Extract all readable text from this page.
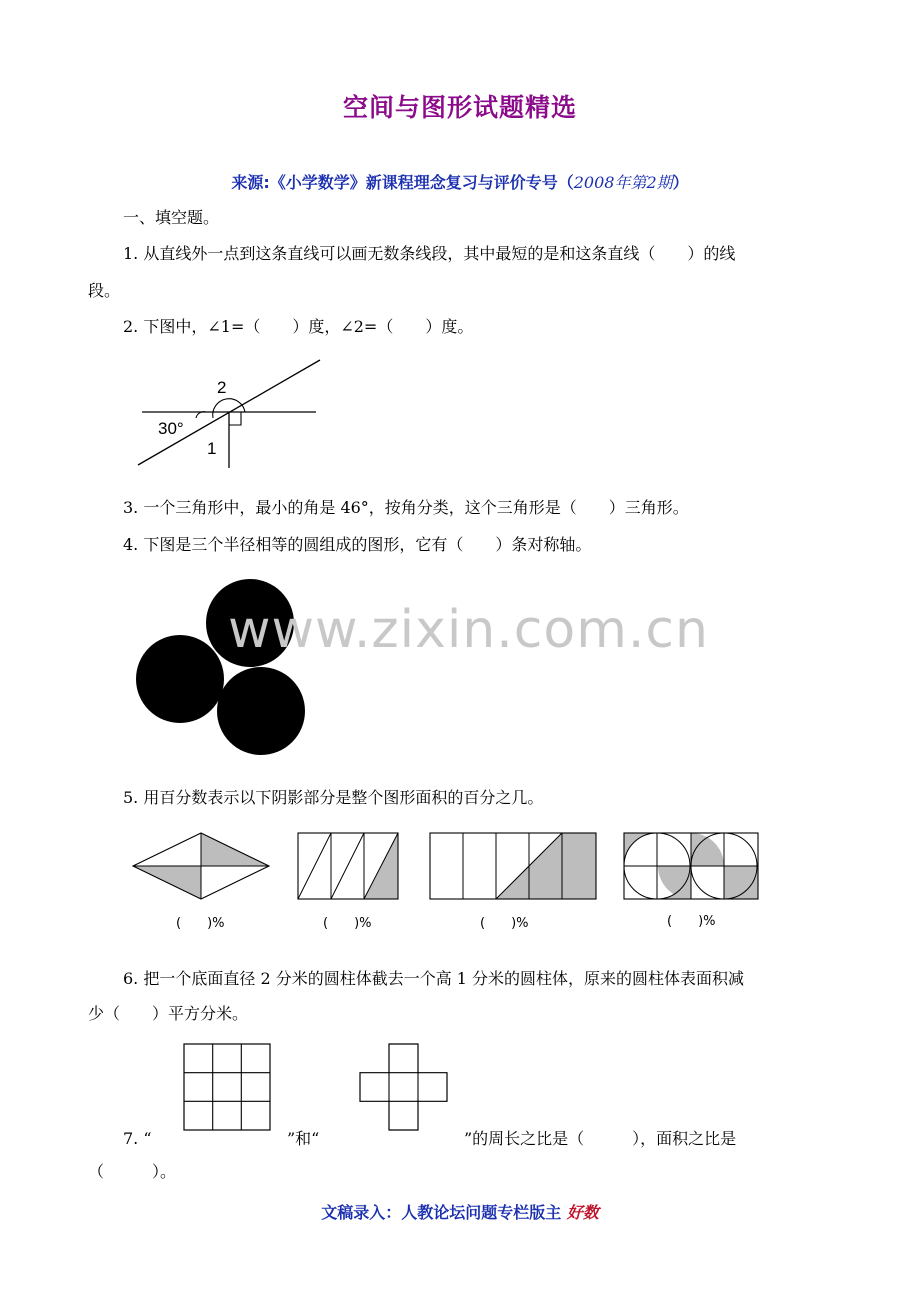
空间与图形试题精选
来源:《小学数学》新课程理念复习与评价专号（2008年第2期）
一、填空题。
1. 从直线外一点到这条直线可以画无数条线段，其中最短的是和这条直线（　　）的线
段。
2. 下图中，∠1=（　　）度，∠2=（　　）度。
2
30°
1
3. 一个三角形中，最小的角是 46°，按角分类，这个三角形是（　　）三角形。
4. 下图是三个半径相等的圆组成的图形，它有（　　）条对称轴。
www.zixin.com.cn
5. 用百分数表示以下阴影部分是整个图形面积的百分之几。
(　　)%	(　　)%	(　　)%	(　　)%
6. 把一个底面直径 2 分米的圆柱体截去一个高 1 分米的圆柱体，原来的圆柱体表面积减
少（　　）平方分米。
7. “	”和“	”的周长之比是（　　　），面积之比是
（　　　）。
文稿录入：人教论坛问题专栏版主 好数
